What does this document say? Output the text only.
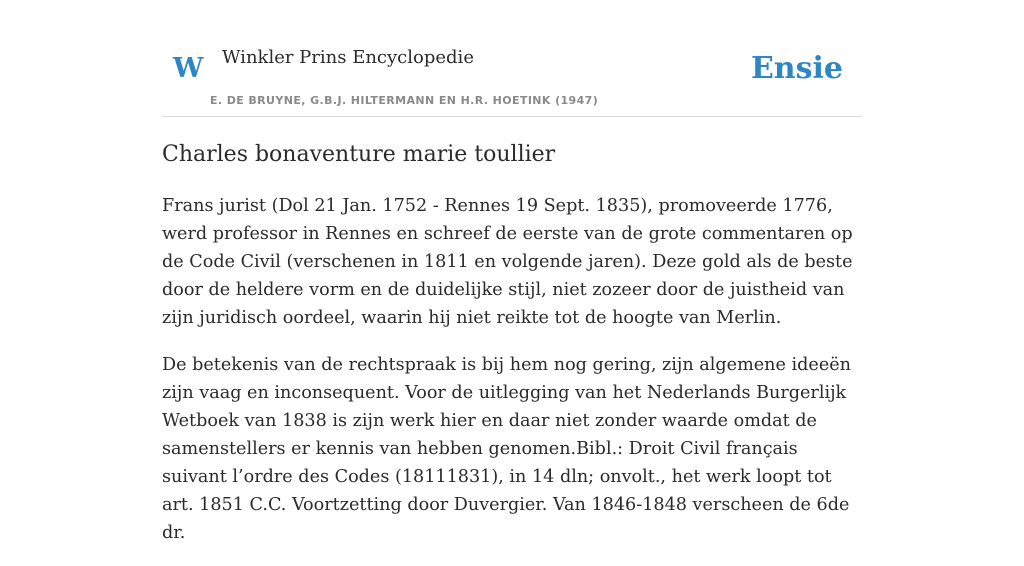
W Winkler Prins Encyclopedie
E. DE BRUYNE, G.B.J. HILTERMANN EN H.R. HOETINK (1947)
Ensie
Charles bonaventure marie toullier

Frans jurist (Dol 21 Jan. 1752 - Rennes 19 Sept. 1835), promoveerde 1776, werd professor in Rennes en schreef de eerste van de grote commentaren op de Code Civil (verschenen in 1811 en volgende jaren). Deze gold als de beste door de heldere vorm en de duidelijke stijl, niet zozeer door de juistheid van zijn juridisch oordeel, waarin hij niet reikte tot de hoogte van Merlin.

De betekenis van de rechtspraak is bij hem nog gering, zijn algemene ideeën zijn vaag en inconsequent. Voor de uitlegging van het Nederlands Burgerlijk Wetboek van 1838 is zijn werk hier en daar niet zonder waarde omdat de samenstellers er kennis van hebben genomen.Bibl.: Droit Civil français suivant l’ordre des Codes (18111831), in 14 dln; onvolt., het werk loopt tot art. 1851 C.C. Voortzetting door Duvergier. Van 1846-1848 verscheen de 6de dr.
